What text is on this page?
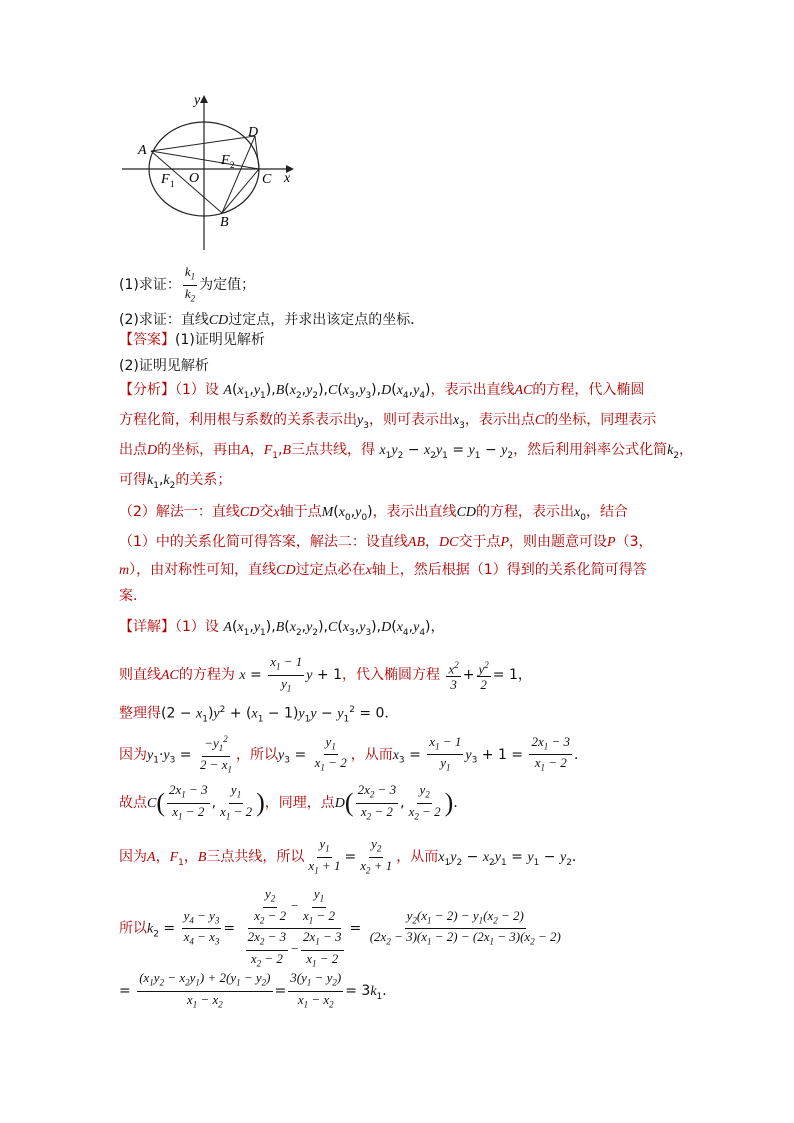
y
x
A
D
F 2
F 1 O	C
B
(1)求证： $\frac{k_1}{k_2}$ 为定值；
(2)求证：直线CD过定点，并求出该定点的坐标．
【答案】(1)证明见解析
(2)证明见解析
【分析】（1）设 $A(x_1,y_1),B(x_2,y_2),C(x_3,y_3),D(x_4,y_4)$，表示出直线AC的方程，代入椭圆
方程化简，利用根与系数的关系表示出$y_3$，则可表示出$x_3$，表示出点C的坐标，同理表示
出点D的坐标，再由A，$F_1,B$三点共线，得 $x_1y_2 - x_2y_1 = y_1 - y_2$，然后利用斜率公式化简$k_2$，
可得$k_1,k_2$的关系；
（2）解法一：直线CD交x轴于点$M(x_0,y_0)$，表示出直线CD的方程，表示出$x_0$，结合
（1）中的关系化简可得答案，解法二：设直线AB，DC交于点P，则由题意可设P（3，
m），由对称性可知，直线CD过定点必在x轴上，然后根据（1）得到的关系化简可得答
案.
【详解】（1）设 $A(x_1,y_1),B(x_2,y_2),C(x_3,y_3),D(x_4,y_4)$，
则直线AC的方程为 $x = \frac{x_1 - 1}{y_1}$ y + 1，代入椭圆方程 $\frac{x^2}{3} + \frac{y^2}{2} = 1$，
整理得$(2 - x_1)y^2 + (x_1 - 1)y_1y - y_1^2 = 0$．
因为$y_1\cdot y_3 = \frac{-y_1^2}{2 - x_1}$ ，所以$y_3 = \frac{y_1}{x_1 - 2}$ ，从而$x_3 = \frac{x_1 - 1}{y_1} y_3 + 1 = \frac{2x_1 - 3}{x_1 - 2}$ ．
故点$C( \frac{2x_1 - 3}{x_1 - 2}$ , $\frac{y_1}{x_1 - 2}$ )，同理，点$D( \frac{2x_2 - 3}{x_2 - 2}$ , $\frac{y_2}{x_2 - 2}$ )．
因为A，$F_1$，B三点共线，所以 $\frac{y_1}{x_1 + 1} = \frac{y_2}{x_2 + 1}$ ，从而$x_1y_2 - x_2y_1 = y_1 - y_2$．
所以$k_2 = \frac{y_4 - y_3}{x_4 - x_3} = \frac{\frac{y_2}{x_2 - 2} - \frac{y_1}{x_1 - 2}}{\frac{2x_2 - 3}{x_2 - 2} - \frac{2x_1 - 3}{x_1 - 2}} = \frac{y_2(x_1 - 2) - y_1(x_2 - 2)}{(2x_2 - 3)(x_1 - 2) - (2x_1 - 3)(x_2 - 2)}$
= $\frac{(x_1y_2 - x_2y_1) + 2(y_1 - y_2)}{x_1 - x_2} = \frac{3(y_1 - y_2)}{x_1 - x_2} = 3k_1$．
